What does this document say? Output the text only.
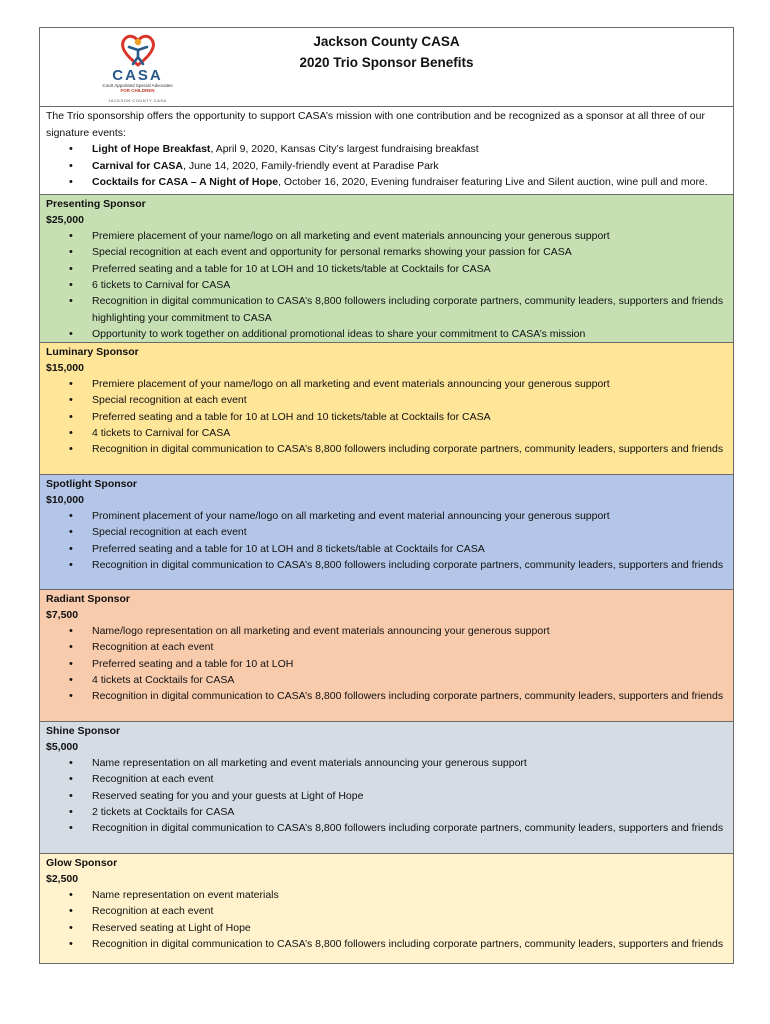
CASA
Court Appointed Special Advocates
FOR CHILDREN
JACKSON COUNTY CASA
Jackson County CASA
2020 Trio Sponsor Benefits
The Trio sponsorship offers the opportunity to support CASA’s mission with one contribution and be recognized as a sponsor at all three of our signature events:
• Light of Hope Breakfast, April 9, 2020, Kansas City’s largest fundraising breakfast
• Carnival for CASA, June 14, 2020, Family-friendly event at Paradise Park
• Cocktails for CASA – A Night of Hope, October 16, 2020, Evening fundraiser featuring Live and Silent auction, wine pull and more.
Presenting Sponsor
$25,000
• Premiere placement of your name/logo on all marketing and event materials announcing your generous support
• Special recognition at each event and opportunity for personal remarks showing your passion for CASA
• Preferred seating and a table for 10 at LOH and 10 tickets/table at Cocktails for CASA
• 6 tickets to Carnival for CASA
• Recognition in digital communication to CASA’s 8,800 followers including corporate partners, community leaders, supporters and friends highlighting your commitment to CASA
• Opportunity to work together on additional promotional ideas to share your commitment to CASA’s mission
Luminary Sponsor
$15,000
• Premiere placement of your name/logo on all marketing and event materials announcing your generous support
• Special recognition at each event
• Preferred seating and a table for 10 at LOH and 10 tickets/table at Cocktails for CASA
• 4 tickets to Carnival for CASA
• Recognition in digital communication to CASA’s 8,800 followers including corporate partners, community leaders, supporters and friends
Spotlight Sponsor
$10,000
• Prominent placement of your name/logo on all marketing and event material announcing your generous support
• Special recognition at each event
• Preferred seating and a table for 10 at LOH and 8 tickets/table at Cocktails for CASA
• Recognition in digital communication to CASA’s 8,800 followers including corporate partners, community leaders, supporters and friends
Radiant Sponsor
$7,500
• Name/logo representation on all marketing and event materials announcing your generous support
• Recognition at each event
• Preferred seating and a table for 10 at LOH
• 4 tickets at Cocktails for CASA
• Recognition in digital communication to CASA’s 8,800 followers including corporate partners, community leaders, supporters and friends
Shine Sponsor
$5,000
• Name representation on all marketing and event materials announcing your generous support
• Recognition at each event
• Reserved seating for you and your guests at Light of Hope
• 2 tickets at Cocktails for CASA
• Recognition in digital communication to CASA’s 8,800 followers including corporate partners, community leaders, supporters and friends
Glow Sponsor
$2,500
• Name representation on event materials
• Recognition at each event
• Reserved seating at Light of Hope
• Recognition in digital communication to CASA’s 8,800 followers including corporate partners, community leaders, supporters and friends
